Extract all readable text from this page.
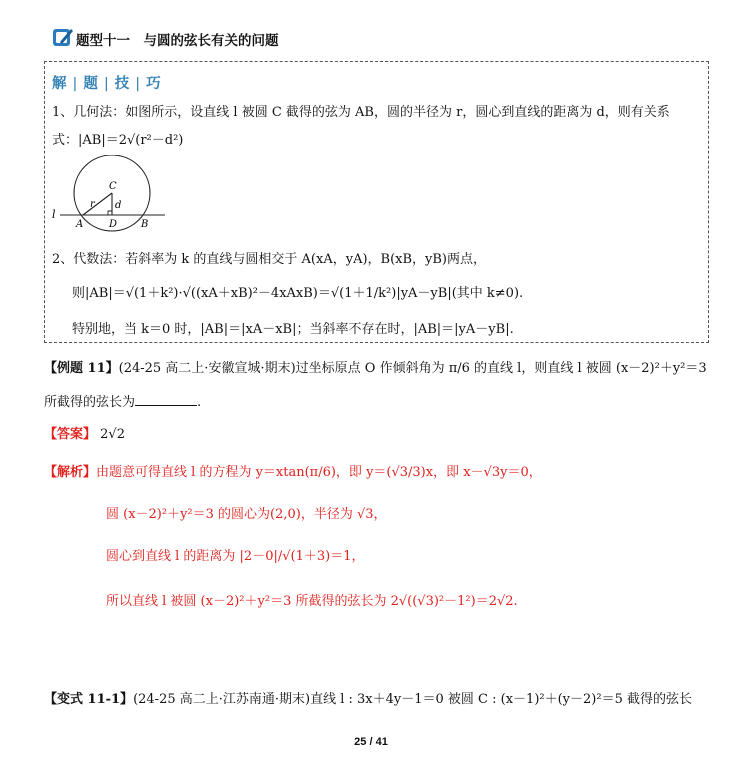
题型十一　与圆的弦长有关的问题
解 | 题 | 技 | 巧
1、几何法：如图所示，设直线 l 被圆 C 截得的弦为 AB，圆的半径为 r，圆心到直线的距离为 d，则有关系
式：|AB|＝2√(r²－d²)
l
C
r d
A	D B
2、代数法：若斜率为 k 的直线与圆相交于 A(xA，yA)，B(xB，yB)两点，
则|AB|＝√(1＋k²)·√((xA＋xB)²－4xAxB)＝√(1＋1/k²)|yA－yB|(其中 k≠0).
特别地，当 k＝0 时，|AB|＝|xA－xB|；当斜率不存在时，|AB|＝|yA－yB|.
【例题 11】(24-25 高二上·安徽宣城·期末)过坐标原点 O 作倾斜角为 π/6 的直线 l，则直线 l 被圆 (x－2)²＋y²＝3
所截得的弦长为	.
【答案】 2√2
【解析】由题意可得直线 l 的方程为 y＝xtan(π/6)，即 y＝(√3/3)x，即 x－√3y＝0，
圆 (x－2)²＋y²＝3 的圆心为(2,0)，半径为 √3，
圆心到直线 l 的距离为 |2－0|/√(1＋3)＝1，
所以直线 l 被圆 (x－2)²＋y²＝3 所截得的弦长为 2√((√3)²－1²)＝2√2.
【变式 11-1】(24-25 高二上·江苏南通·期末)直线 l : 3x＋4y－1＝0 被圆 C : (x－1)²＋(y－2)²＝5 截得的弦长
25 / 41
